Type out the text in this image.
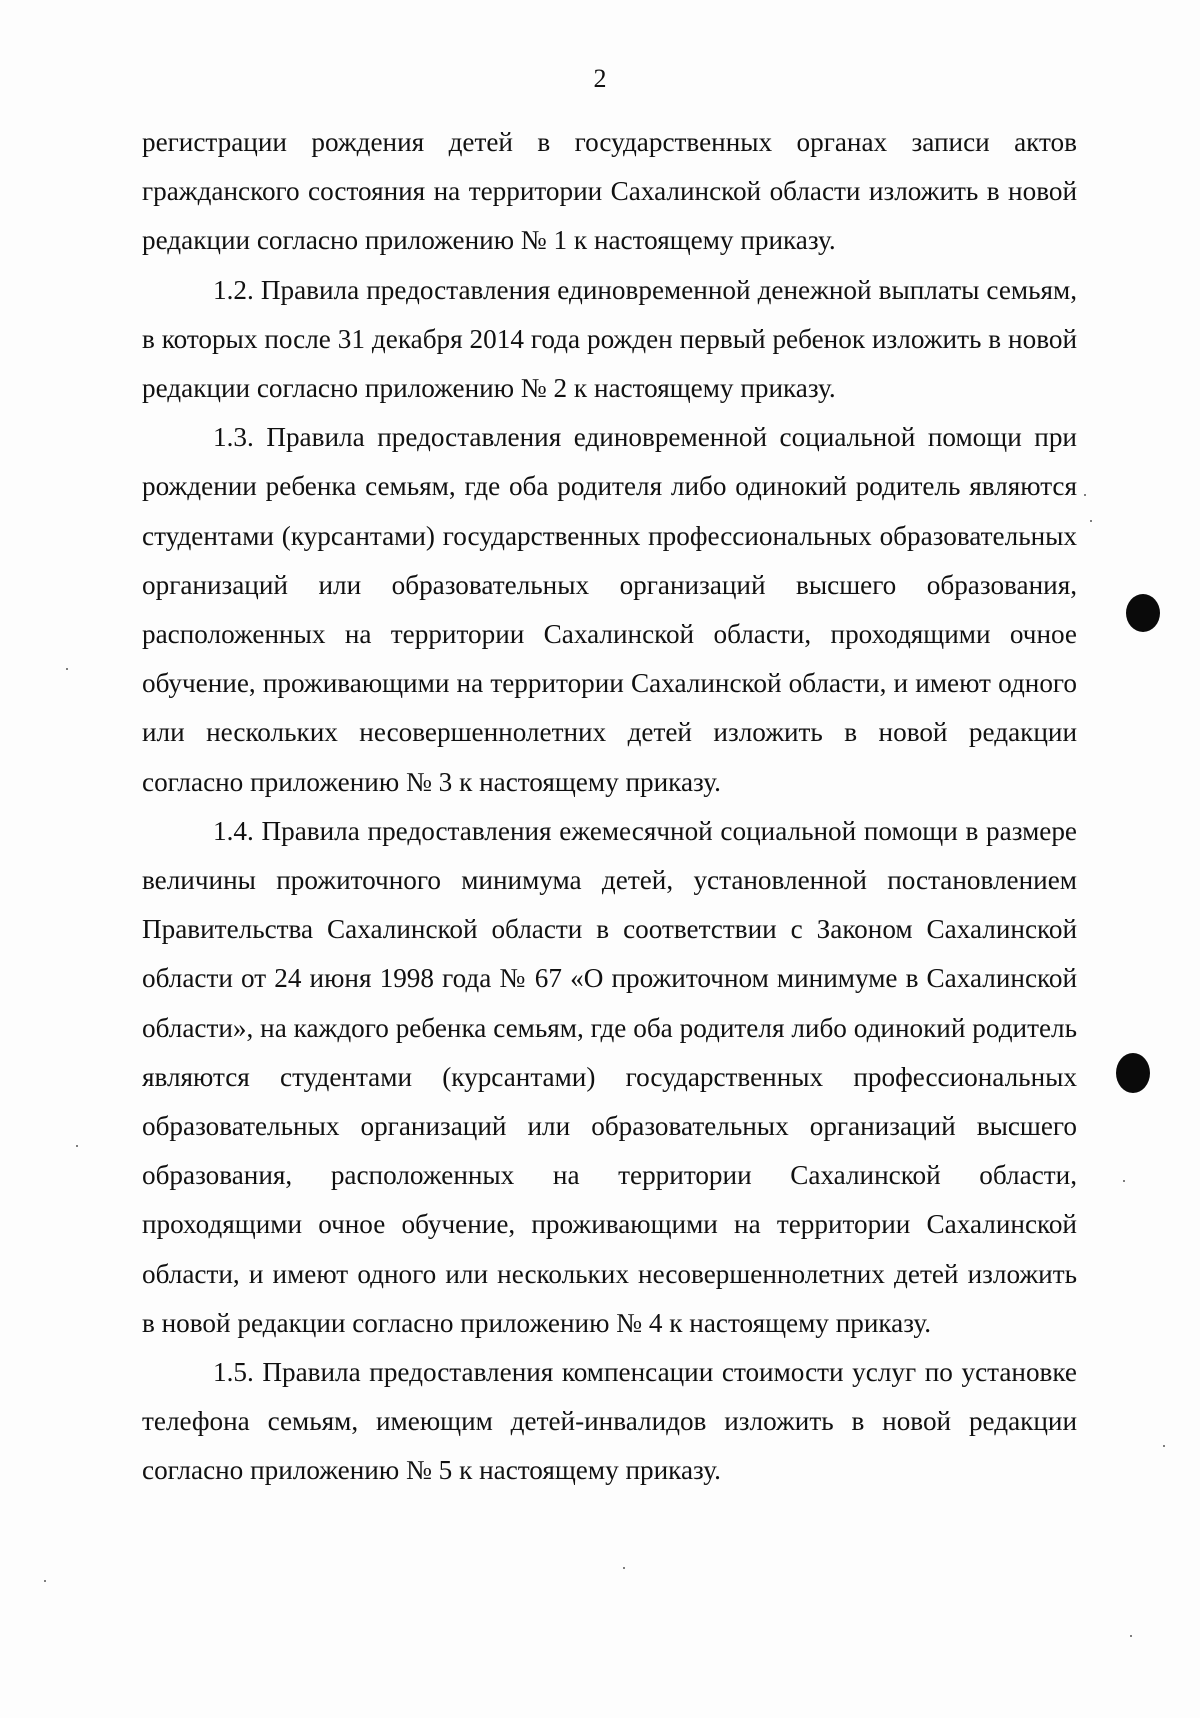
2

регистрации рождения детей в государственных органах записи актов гражданского состояния на территории Сахалинской области изложить в новой редакции согласно приложению № 1 к настоящему приказу.

1.2. Правила предоставления единовременной денежной выплаты семьям, в которых после 31 декабря 2014 года рожден первый ребенок изложить в новой редакции согласно приложению № 2 к настоящему приказу.

1.3. Правила предоставления единовременной социальной помощи при рождении ребенка семьям, где оба родителя либо одинокий родитель являются студентами (курсантами) государственных профессиональных образовательных организаций или образовательных организаций высшего образования, расположенных на территории Сахалинской области, проходящими очное обучение, проживающими на территории Сахалинской области, и имеют одного или нескольких несовершеннолетних детей изложить в новой редакции согласно приложению № 3 к настоящему приказу.

1.4. Правила предоставления ежемесячной социальной помощи в размере величины прожиточного минимума детей, установленной постановлением Правительства Сахалинской области в соответствии с Законом Сахалинской области от 24 июня 1998 года № 67 «О прожиточном минимуме в Сахалинской области», на каждого ребенка семьям, где оба родителя либо одинокий родитель являются студентами (курсантами) государственных профессиональных образовательных организаций или образовательных организаций высшего образования, расположенных на территории Сахалинской области, проходящими очное обучение, проживающими на территории Сахалинской области, и имеют одного или нескольких несовершеннолетних детей изложить в новой редакции согласно приложению № 4 к настоящему приказу.

1.5. Правила предоставления компенсации стоимости услуг по установке телефона семьям, имеющим детей-инвалидов изложить в новой редакции согласно приложению № 5 к настоящему приказу.
